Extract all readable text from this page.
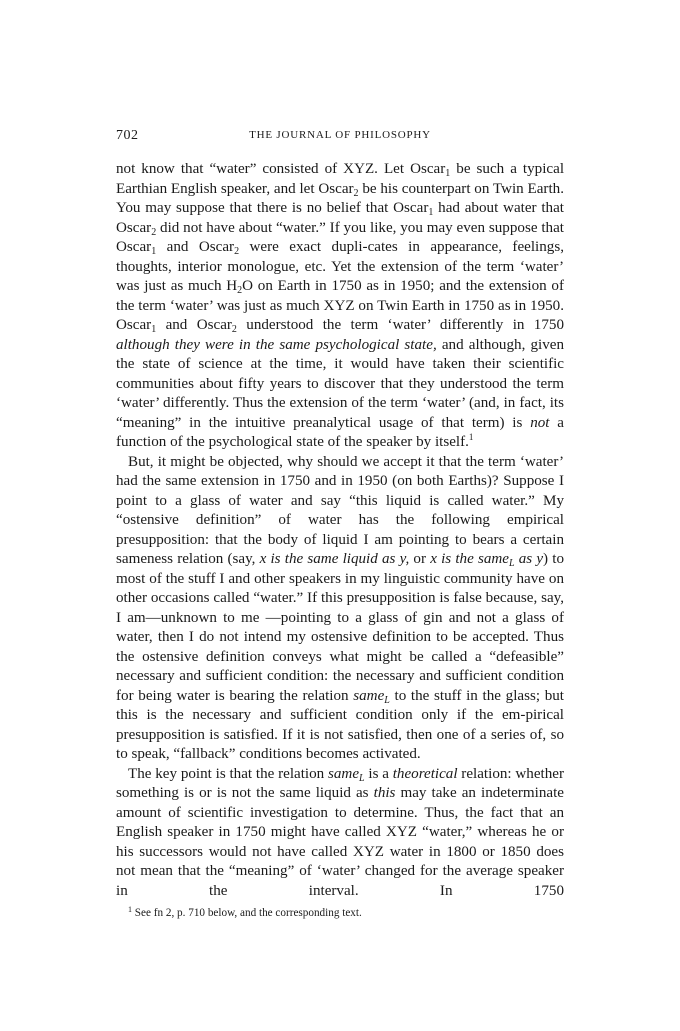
702	THE JOURNAL OF PHILOSOPHY

not know that “water” consisted of XYZ. Let Oscar$_1$ be such a typical Earthian English speaker, and let Oscar$_2$ be his counterpart on Twin Earth. You may suppose that there is no belief that Oscar$_1$ had about water that Oscar$_2$ did not have about “water.” If you like, you may even suppose that Oscar$_1$ and Oscar$_2$ were exact dupli-cates in appearance, feelings, thoughts, interior monologue, etc. Yet the extension of the term ‘water’ was just as much $H_2O$ on Earth in 1750 as in 1950; and the extension of the term ‘water’ was just as much XYZ on Twin Earth in 1750 as in 1950. Oscar$_1$ and Oscar$_2$ understood the term ‘water’ differently in 1750 although they were in the same psychological state, and although, given the state of science at the time, it would have taken their scientific communities about fifty years to discover that they understood the term ‘water’ differently. Thus the extension of the term ‘water’ (and, in fact, its “meaning” in the intuitive preanalytical usage of that term) is not a function of the psychological state of the speaker by itself.$^1$

But, it might be objected, why should we accept it that the term ‘water’ had the same extension in 1750 and in 1950 (on both Earths)? Suppose I point to a glass of water and say “this liquid is called water.” My “ostensive definition” of water has the following empirical presupposition: that the body of liquid I am pointing to bears a certain sameness relation (say, x is the same liquid as y, or x is the same$_L$ as y) to most of the stuff I and other speakers in my linguistic community have on other occasions called “water.” If this presupposition is false because, say, I am—unknown to me —pointing to a glass of gin and not a glass of water, then I do not intend my ostensive definition to be accepted. Thus the ostensive definition conveys what might be called a “defeasible” necessary and sufficient condition: the necessary and sufficient condition for being water is bearing the relation same$_L$ to the stuff in the glass; but this is the necessary and sufficient condition only if the em-pirical presupposition is satisfied. If it is not satisfied, then one of a series of, so to speak, “fallback” conditions becomes activated.

The key point is that the relation same$_L$ is a theoretical relation: whether something is or is not the same liquid as this may take an indeterminate amount of scientific investigation to determine. Thus, the fact that an English speaker in 1750 might have called XYZ “water,” whereas he or his successors would not have called XYZ water in 1800 or 1850 does not mean that the “meaning” of ‘water’ changed for the average speaker in the interval. In 1750

$^1$ See fn 2, p. 710 below, and the corresponding text.
